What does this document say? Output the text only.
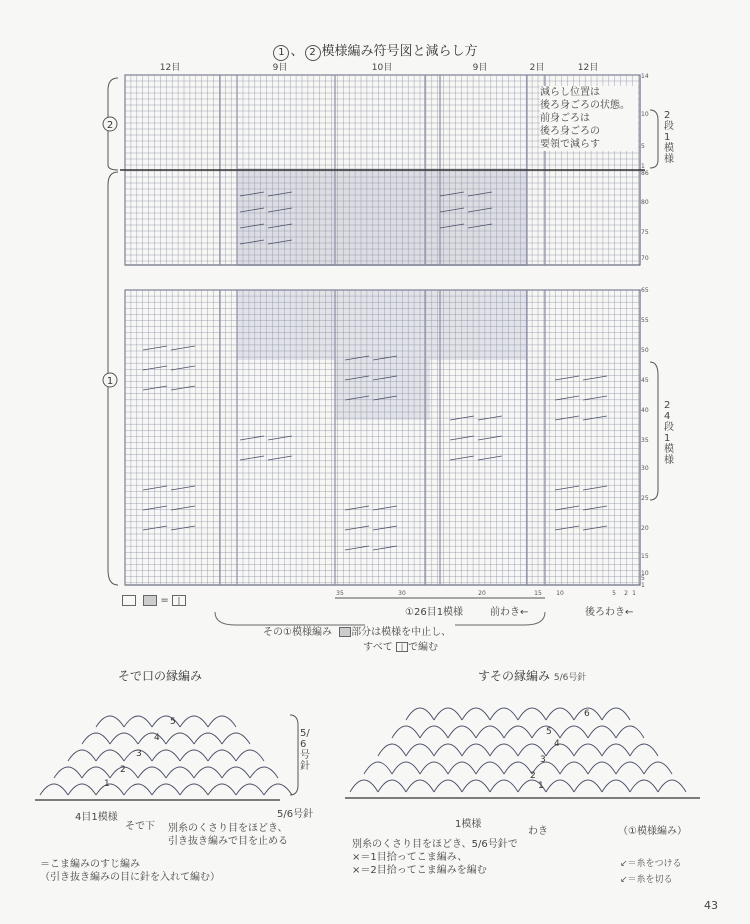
1 、 2 模様編み符号図と減らし方
2
1
12目	9目	10目	9目	2目	12目
14
10
5
1
86
80
75
70
65
55
50
45
40
35
30
25
20
15
10
5
1
35	30	20	15 10	5 2 1
減らし位置は
後ろ身ごろの状態。
前身ごろは
後ろ身ごろの
要領で減らす
2段1模様
24段1模様
= |
①26目1模様	前わき←	後ろわき←
その①模様編み 部分は模様を中止し、
すべて | で編む
そで口の縁編み
1
2
3
4
5
5/6号針
5/6号針
4目1模様
そで下 別糸のくさり目をほどき、
引き抜き編みで目を止める
すその縁編み 5/6号針
1
2
3
4
5
6
1模様
わき	（①模様編み）
別糸のくさり目をほどき、5/6号針で
×＝1目拾ってこま編み、
×＝2目拾ってこま編みを編む
＝こま編みのすじ編み
（引き抜き編みの目に針を入れて編む）
↙＝糸をつける
↙＝糸を切る
43
